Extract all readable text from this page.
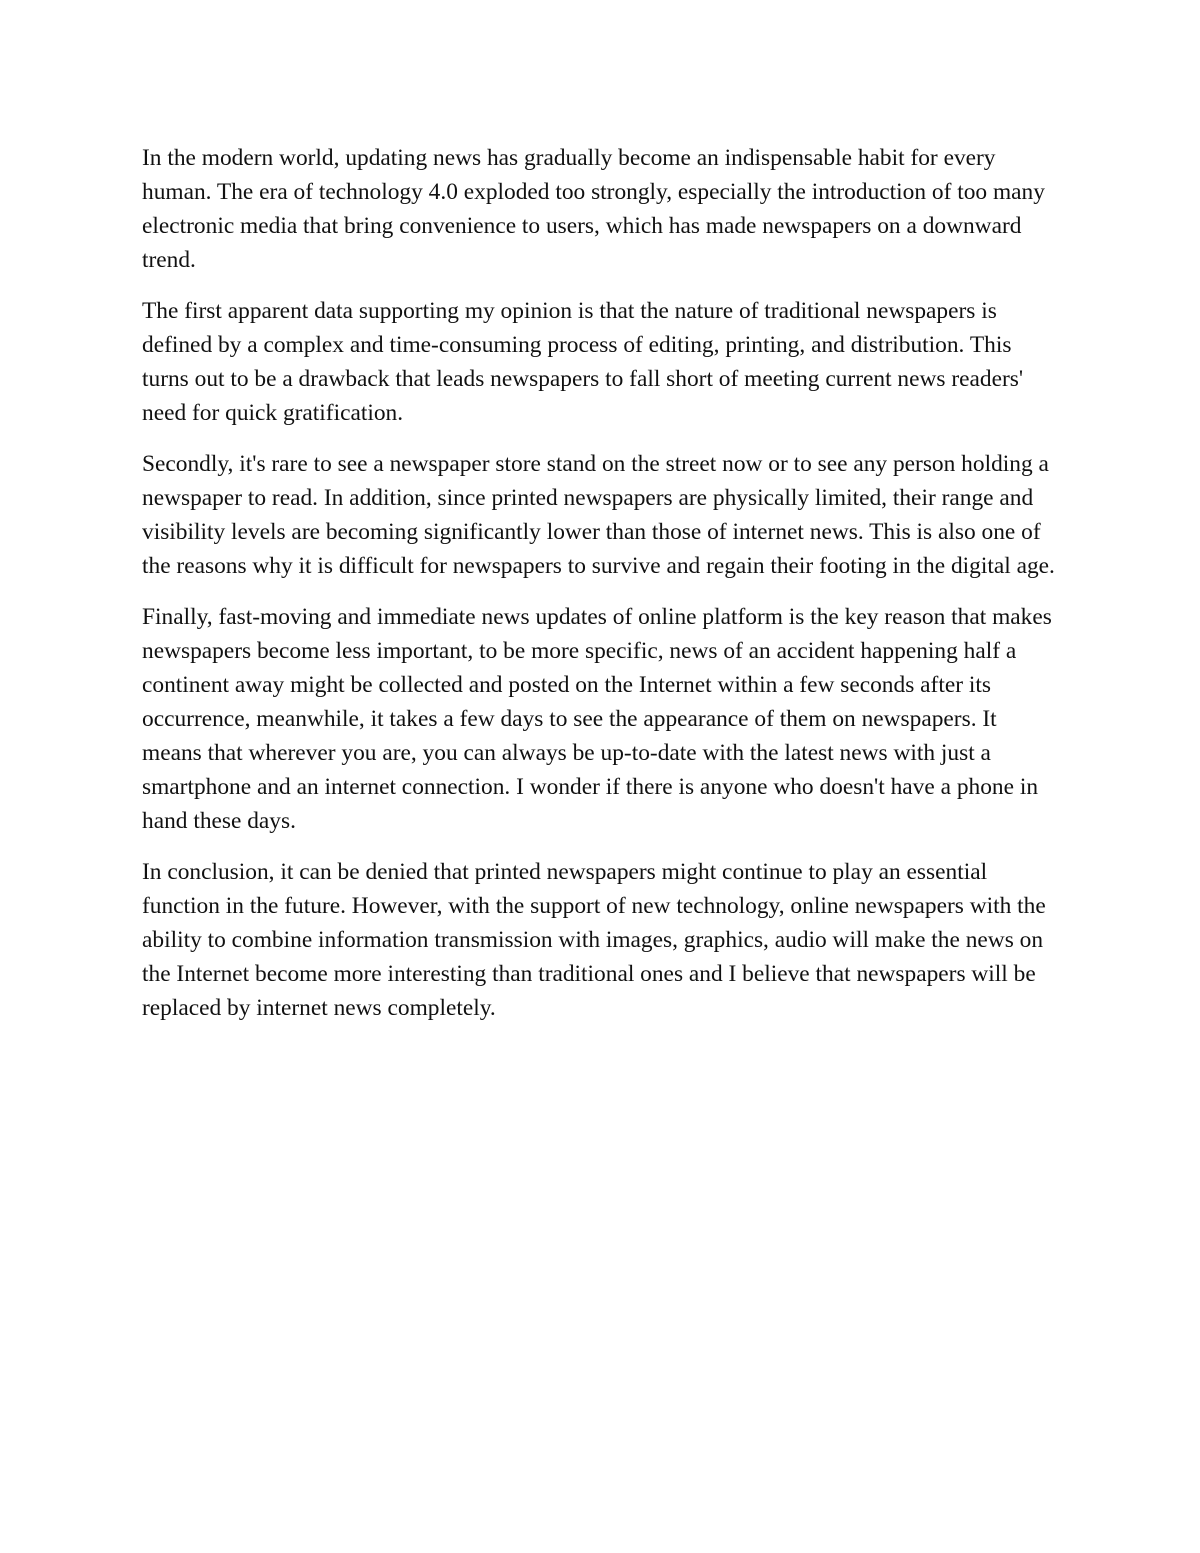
In the modern world, updating news has gradually become an indispensable habit for every human. The era of technology 4.0 exploded too strongly, especially the introduction of too many electronic media that bring convenience to users, which has made newspapers on a downward trend.

The first apparent data supporting my opinion is that the nature of traditional newspapers is defined by a complex and time-consuming process of editing, printing, and distribution. This turns out to be a drawback that leads newspapers to fall short of meeting current news readers' need for quick gratification.

Secondly, it's rare to see a newspaper store stand on the street now or to see any person holding a newspaper to read. In addition, since printed newspapers are physically limited, their range and visibility levels are becoming significantly lower than those of internet news. This is also one of the reasons why it is difficult for newspapers to survive and regain their footing in the digital age.

Finally, fast-moving and immediate news updates of online platform is the key reason that makes newspapers become less important, to be more specific, news of an accident happening half a continent away might be collected and posted on the Internet within a few seconds after its occurrence, meanwhile, it takes a few days to see the appearance of them on newspapers. It means that wherever you are, you can always be up-to-date with the latest news with just a smartphone and an internet connection. I wonder if there is anyone who doesn't have a phone in hand these days.

In conclusion, it can be denied that printed newspapers might continue to play an essential function in the future. However, with the support of new technology, online newspapers with the ability to combine information transmission with images, graphics, audio will make the news on the Internet become more interesting than traditional ones and I believe that newspapers will be replaced by internet news completely.
